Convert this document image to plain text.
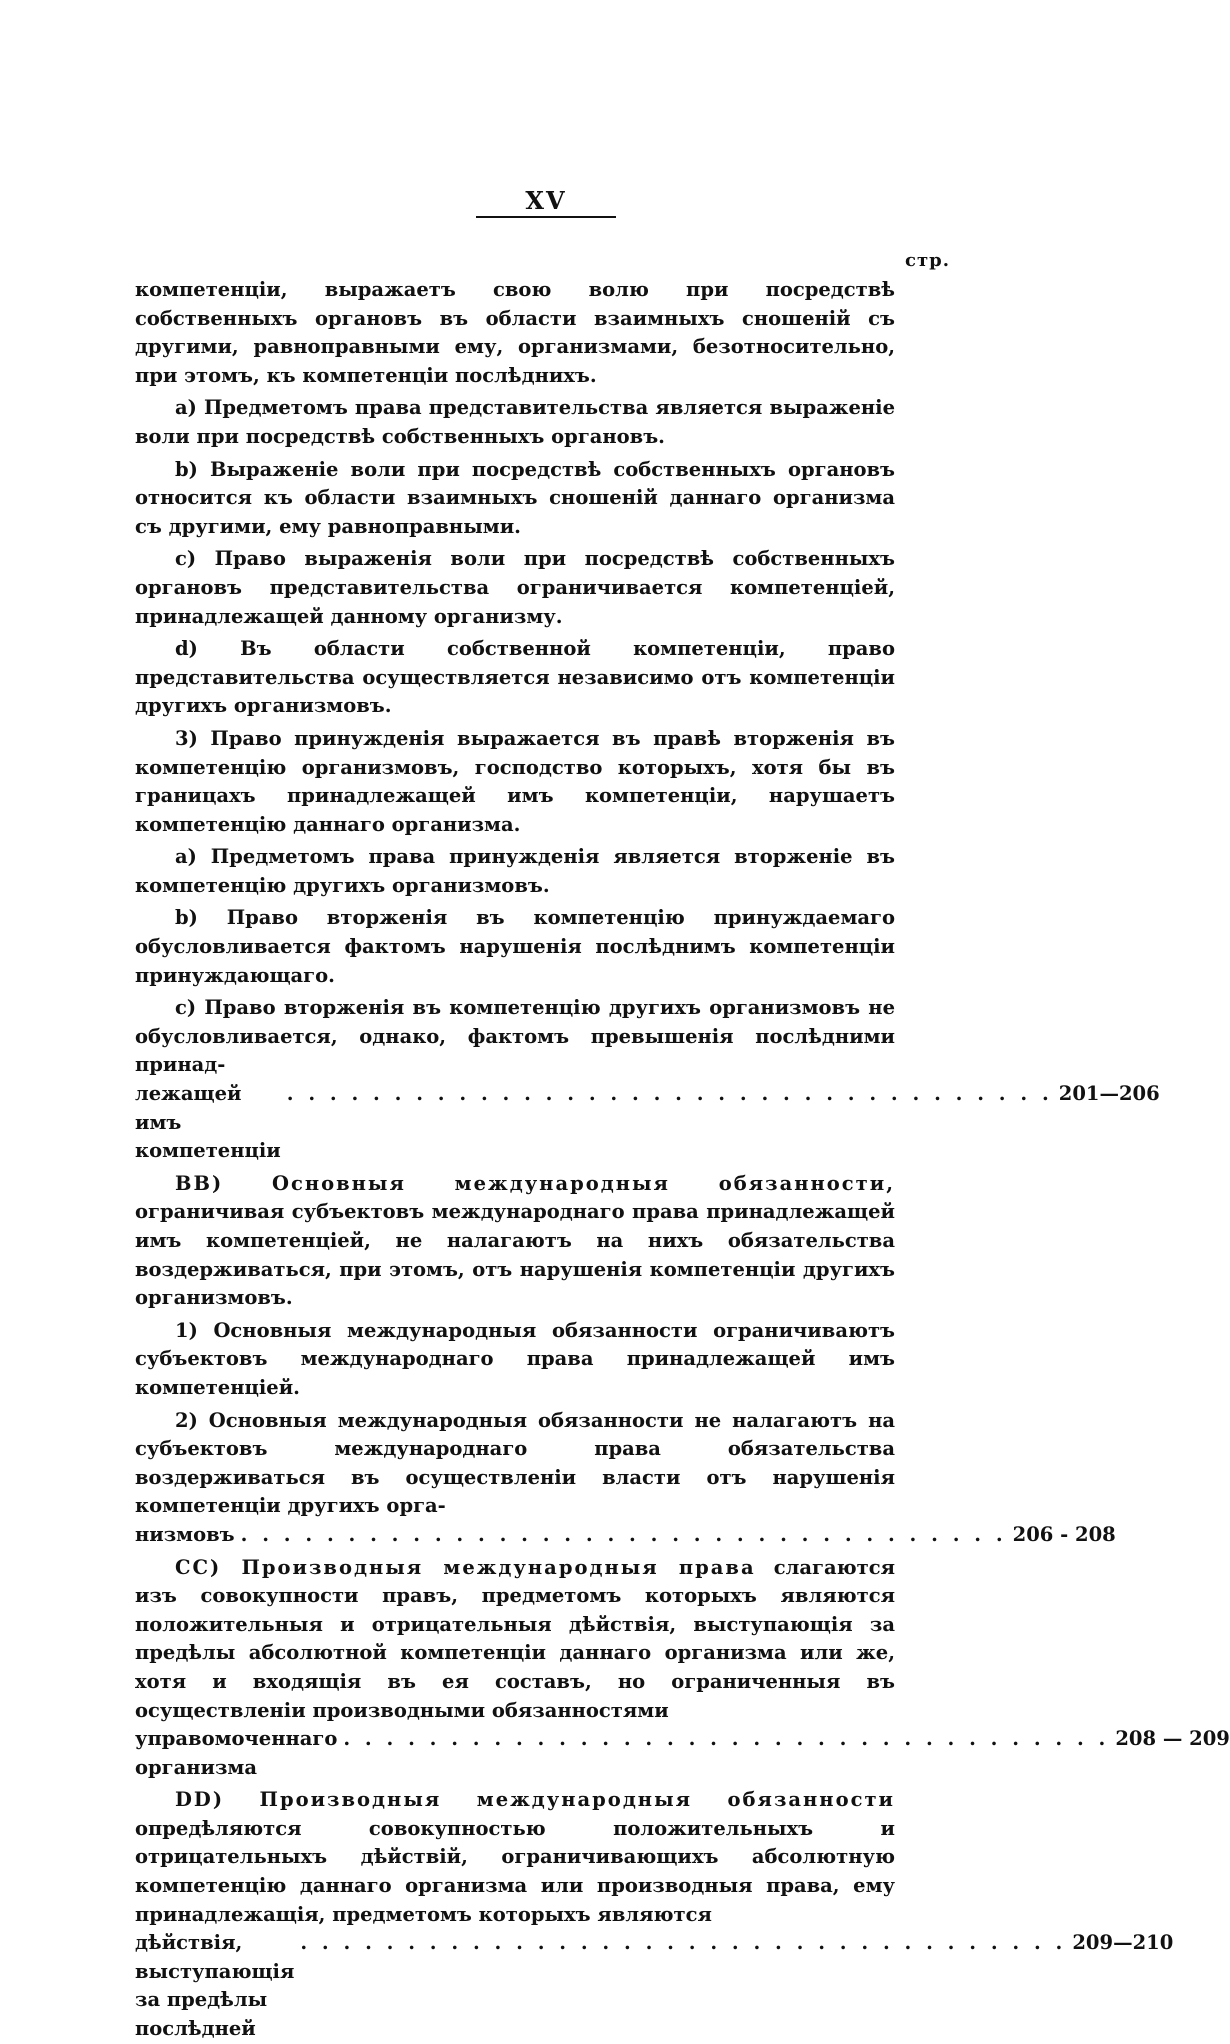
XV
стр.

компетенціи, выражаетъ свою волю при посредствѣ собственныхъ органовъ въ области взаимныхъ сношеній съ другими, равноправными ему, организмами, безотносительно, при этомъ, къ компетенціи послѣднихъ.

a) Предметомъ права представительства является выраженіе воли при посредствѣ собственныхъ органовъ.

b) Выраженіе воли при посредствѣ собственныхъ органовъ относится къ области взаимныхъ сношеній даннаго организма съ другими, ему равноправными.

c) Право выраженія воли при посредствѣ собственныхъ органовъ представительства ограничивается компетенціей, принадлежащей данному организму.

d) Въ области собственной компетенціи, право представительства осуществляется независимо отъ компетенціи другихъ организмовъ.

3) Право принужденія выражается въ правѣ вторженія въ компетенцію организмовъ, господство которыхъ, хотя бы въ границахъ принадлежащей имъ компетенціи, нарушаетъ компетенцію даннаго организма.

a) Предметомъ права принужденія является вторженіе въ компетенцію другихъ организмовъ.

b) Право вторженія въ компетенцію принуждаемаго обусловливается фактомъ нарушенія послѣднимъ компетенціи принуждающаго.

c) Право вторженія въ компетенцію другихъ организмовъ не обусловливается, однако, фактомъ превышенія послѣдними принад-

лежащей имъ компетенціи
. . . . . . . . . . . . . . . . . . . . . . . . . . . . . . . . . . . . 201—206

BB) Основныя международныя обязанности, ограничивая субъектовъ международнаго права принадлежащей имъ компетенціей, не налагаютъ на нихъ обязательства воздерживаться, при этомъ, отъ нарушенія компетенціи другихъ организмовъ.

1) Основныя международныя обязанности ограничиваютъ субъектовъ международнаго права принадлежащей имъ компетенціей.

2) Основныя международныя обязанности не налагаютъ на субъектовъ международнаго права обязательства воздерживаться въ осуществленіи власти отъ нарушенія компетенціи другихъ орга-

низмовъ . . . . . . . . . . . . . . . . . . . . . . . . . . . . . . . . . . . . 206 - 208

CC) Производныя международныя права слагаются изъ совокупности правъ, предметомъ которыхъ являются положительныя и отрицательныя дѣйствія, выступающія за предѣлы абсолютной компетенціи даннаго организма или же, хотя и входящія въ ея составъ, но ограниченныя въ осуществленіи производными обязанностями

управомоченнаго организма
. . . . . . . . . . . . . . . . . . . . . . . . . . . . . . . . . . . . 208 — 209

DD) Производныя международныя обязанности опредѣляются совокупностью положительныхъ и отрицательныхъ дѣйствій, ограничивающихъ абсолютную компетенцію даннаго организма или производныя права, ему принадлежащія, предметомъ которыхъ являются

дѣйствія, выступающія за предѣлы послѣдней
. . . . . . . . . . . . . . . . . . . . . . . . . . . . . . . . . . . . 209—210
